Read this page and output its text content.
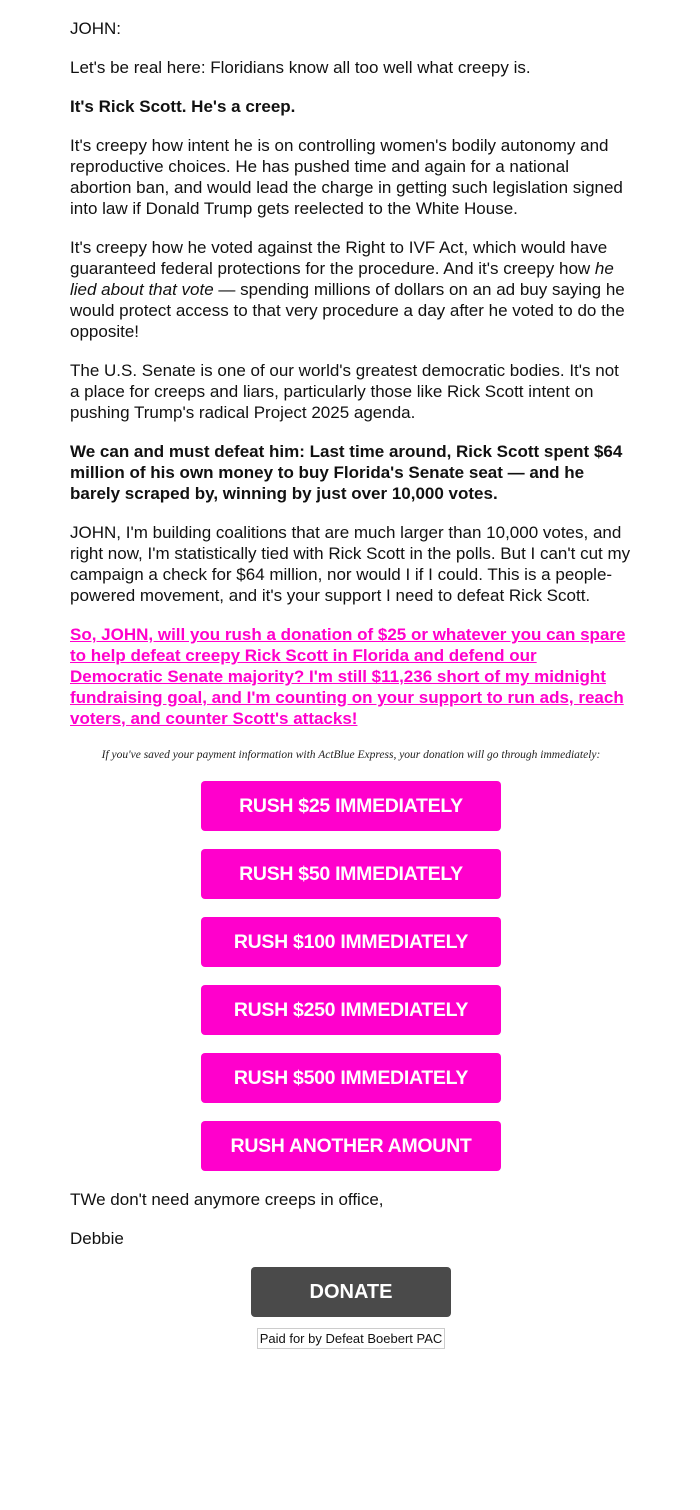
JOHN:

Let's be real here: Floridians know all too well what creepy is.

It's Rick Scott. He's a creep.

It's creepy how intent he is on controlling women's bodily autonomy and reproductive choices. He has pushed time and again for a national abortion ban, and would lead the charge in getting such legislation signed into law if Donald Trump gets reelected to the White House.

It's creepy how he voted against the Right to IVF Act, which would have guaranteed federal protections for the procedure. And it's creepy how he lied about that vote — spending millions of dollars on an ad buy saying he would protect access to that very procedure a day after he voted to do the opposite!

The U.S. Senate is one of our world's greatest democratic bodies. It's not a place for creeps and liars, particularly those like Rick Scott intent on pushing Trump's radical Project 2025 agenda.

We can and must defeat him: Last time around, Rick Scott spent $64 million of his own money to buy Florida's Senate seat — and he barely scraped by, winning by just over 10,000 votes.

JOHN, I'm building coalitions that are much larger than 10,000 votes, and right now, I'm statistically tied with Rick Scott in the polls. But I can't cut my campaign a check for $64 million, nor would I if I could. This is a people-powered movement, and it's your support I need to defeat Rick Scott.

So, JOHN, will you rush a donation of $25 or whatever you can spare to help defeat creepy Rick Scott in Florida and defend our Democratic Senate majority? I'm still $11,236 short of my midnight fundraising goal, and I'm counting on your support to run ads, reach voters, and counter Scott's attacks!

If you've saved your payment information with ActBlue Express, your donation will go through immediately:
RUSH $25 IMMEDIATELY
RUSH $50 IMMEDIATELY
RUSH $100 IMMEDIATELY
RUSH $250 IMMEDIATELY
RUSH $500 IMMEDIATELY
RUSH ANOTHER AMOUNT

TWe don't need anymore creeps in office,

Debbie

DONATE
Paid for by Defeat Boebert PAC
